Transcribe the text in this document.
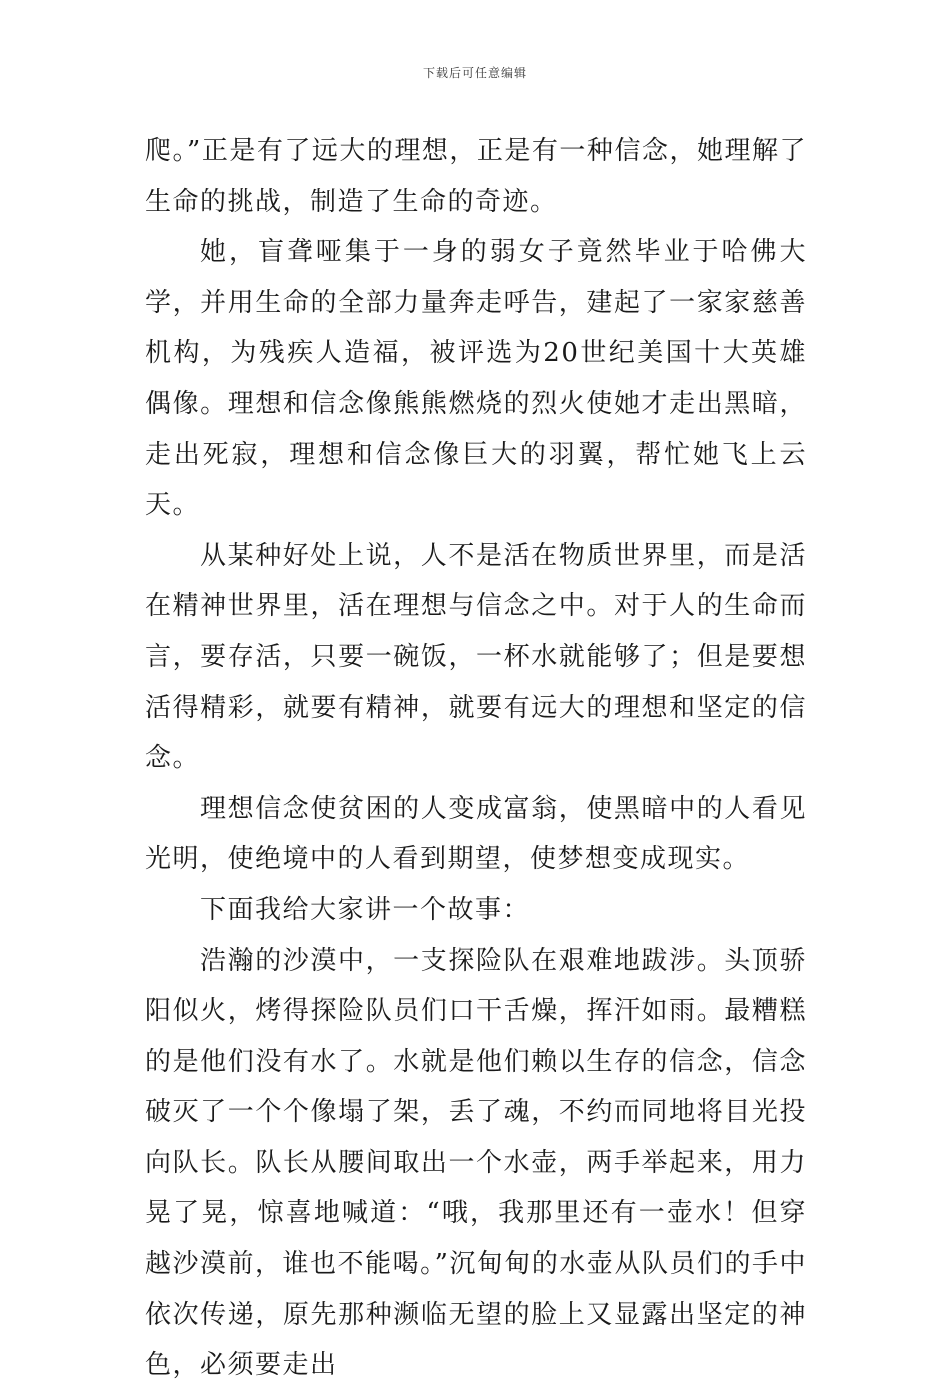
下载后可任意编辑

爬。”正是有了远大的理想，正是有一种信念，她理解了生命的挑战，制造了生命的奇迹。

她，盲聋哑集于一身的弱女子竟然毕业于哈佛大学，并用生命的全部力量奔走呼告，建起了一家家慈善机构，为残疾人造福，被评选为20世纪美国十大英雄偶像。理想和信念像熊熊燃烧的烈火使她才走出黑暗，走出死寂，理想和信念像巨大的羽翼，帮忙她飞上云天。

从某种好处上说，人不是活在物质世界里，而是活在精神世界里，活在理想与信念之中。对于人的生命而言，要存活，只要一碗饭，一杯水就能够了；但是要想活得精彩，就要有精神，就要有远大的理想和坚定的信念。

理想信念使贫困的人变成富翁，使黑暗中的人看见光明，使绝境中的人看到期望，使梦想变成现实。

下面我给大家讲一个故事：

浩瀚的沙漠中，一支探险队在艰难地跋涉。头顶骄阳似火，烤得探险队员们口干舌燥，挥汗如雨。最糟糕的是他们没有水了。水就是他们赖以生存的信念，信念破灭了一个个像塌了架，丢了魂，不约而同地将目光投向队长。队长从腰间取出一个水壶，两手举起来，用力晃了晃，惊喜地喊道：“哦，我那里还有一壶水！但穿越沙漠前，谁也不能喝。”沉甸甸的水壶从队员们的手中依次传递，原先那种濒临无望的脸上又显露出坚定的神色，必须要走出
